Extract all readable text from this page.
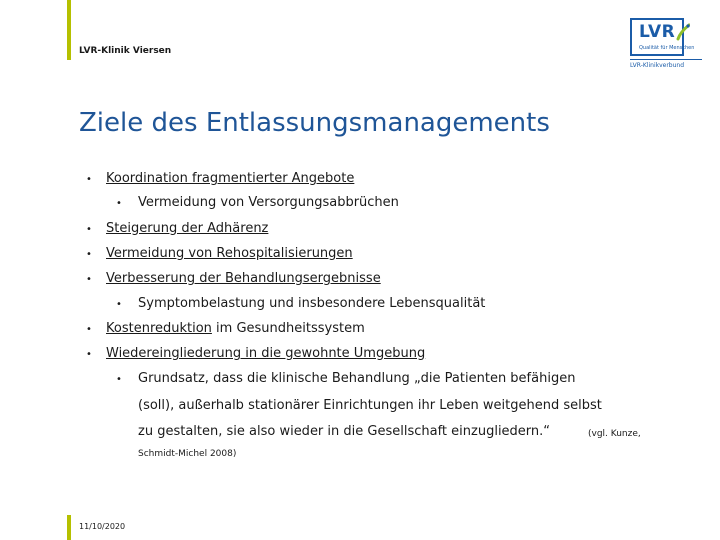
LVR-Klinik Viersen
LVR
Qualität für Menschen
LVR-Klinikverbund
Ziele des Entlassungsmanagements
• Koordination fragmentierter Angebote
• Vermeidung von Versorgungsabbrüchen
• Steigerung der Adhärenz
• Vermeidung von Rehospitalisierungen
• Verbesserung der Behandlungsergebnisse
• Symptombelastung und insbesondere Lebensqualität
• Kostenreduktion im Gesundheitssystem
• Wiedereingliederung in die gewohnte Umgebung
• Grundsatz, dass die klinische Behandlung „die Patienten befähigen
(soll), außerhalb stationärer Einrichtungen ihr Leben weitgehend selbst
zu gestalten, sie also wieder in die Gesellschaft einzugliedern.“	(vgl. Kunze,
Schmidt-Michel 2008)
11/10/2020
